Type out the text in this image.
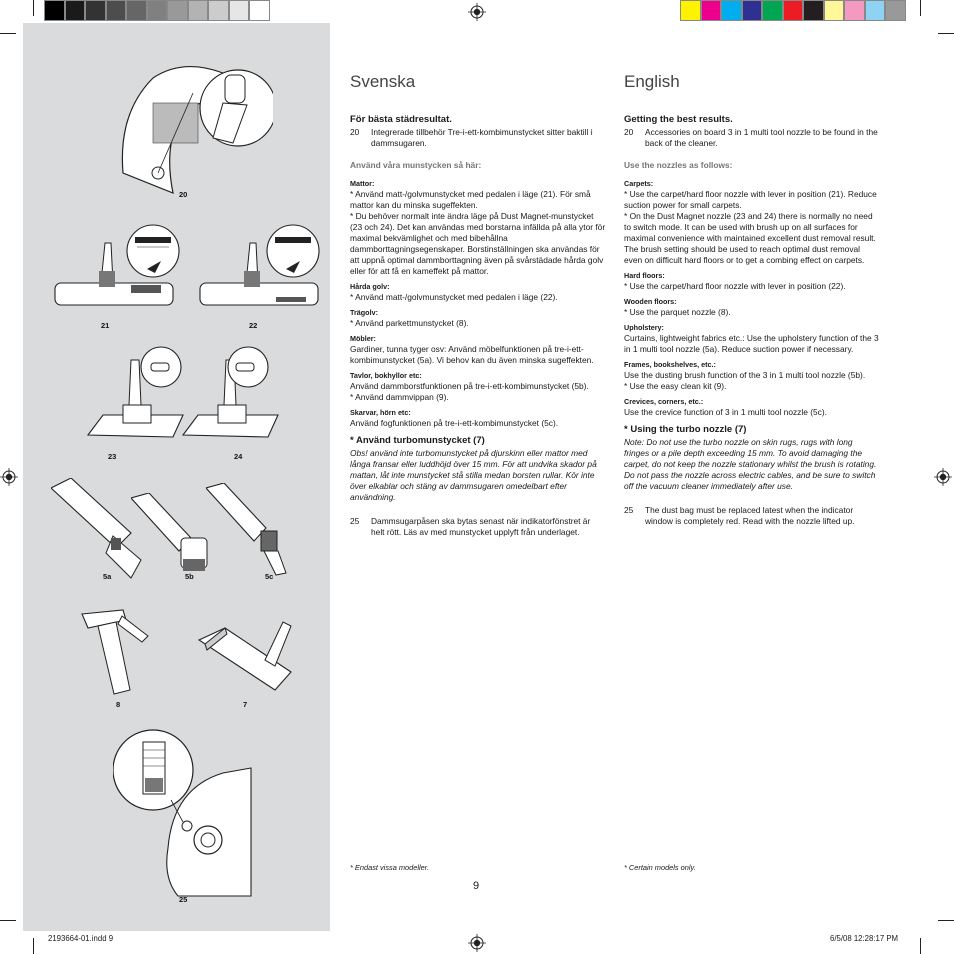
20
21	22
23	24
5a	5b	5c
8	7
25
Svenska
För bästa städresultat.
20	Integrerade tillbehör Tre-i-ett-kombimunstycket sitter baktill i dammsugaren.
Använd våra munstycken så här:
Mattor:
* Använd matt-/golvmunstycket med pedalen i läge (21). För små mattor kan du minska sugeffekten.
* Du behöver normalt inte ändra läge på Dust Magnet-munstycket (23 och 24). Det kan användas med borstarna infällda på alla ytor för maximal bekvämlighet och med bibehållna dammborttagningsegenskaper. Borstinställningen ska användas för att uppnå optimal dammborttagning även på svårstädade hårda golv eller för att få en kameffekt på mattor.
Hårda golv:
* Använd matt-/golvmunstycket med pedalen i läge (22).
Trägolv:
* Använd parkettmunstycket (8).
Möbler:
Gardiner, tunna tyger osv: Använd möbelfunktionen på tre-i-ett-kombimunstycket (5a). Vi behov kan du även minska sugeffekten.
Tavlor, bokhyllor etc:
Använd dammborstfunktionen på tre-i-ett-kombimunstycket (5b).
* Använd dammvippan (9).
Skarvar, hörn etc:
Använd fogfunktionen på tre-i-ett-kombimunstycket (5c).
* Använd turbomunstycket (7)
Obs! använd inte turbomunstycket på djurskinn eller mattor med långa fransar eller luddhöjd över 15 mm. För att undvika skador på mattan, låt inte munstycket stå stilla medan borsten rullar. Kör inte över elkablar och stäng av dammsugaren omedelbart efter användning.
25	Dammsugarpåsen ska bytas senast när indikatorfönstret är helt rött. Läs av med munstycket upplyft från underlaget.
* Endast vissa modeller.
English
Getting the best results.
20	Accessories on board 3 in 1 multi tool nozzle to be found in the back of the cleaner.
Use the nozzles as follows:
Carpets:
* Use the carpet/hard floor nozzle with lever in position (21). Reduce suction power for small carpets.
* On the Dust Magnet nozzle (23 and 24) there is normally no need to switch mode. It can be used with brush up on all surfaces for maximal convenience with maintained excellent dust removal result. The brush setting should be used to reach optimal dust removal even on difficult hard floors or to get a combing effect on carpets.
Hard floors:
* Use the carpet/hard floor nozzle with lever in position (22).
Wooden floors:
* Use the parquet nozzle (8).
Upholstery:
Curtains, lightweight fabrics etc.: Use the upholstery function of the 3 in 1 multi tool nozzle (5a). Reduce suction power if necessary.
Frames, bookshelves, etc.:
Use the dusting brush function of the 3 in 1 multi tool nozzle (5b).
* Use the easy clean kit (9).
Crevices, corners, etc.:
Use the crevice function of 3 in 1 multi tool nozzle (5c).
* Using the turbo nozzle (7)
Note: Do not use the turbo nozzle on skin rugs, rugs with long fringes or a pile depth exceeding 15 mm. To avoid damaging the carpet, do not keep the nozzle stationary whilst the brush is rotating. Do not pass the nozzle across electric cables, and be sure to switch off the vacuum cleaner immediately after use.
25	The dust bag must be replaced latest when the indicator window is completely red. Read with the nozzle lifted up.
* Certain models only.
9
2193664-01.indd 9	6/5/08 12:28:17 PM
